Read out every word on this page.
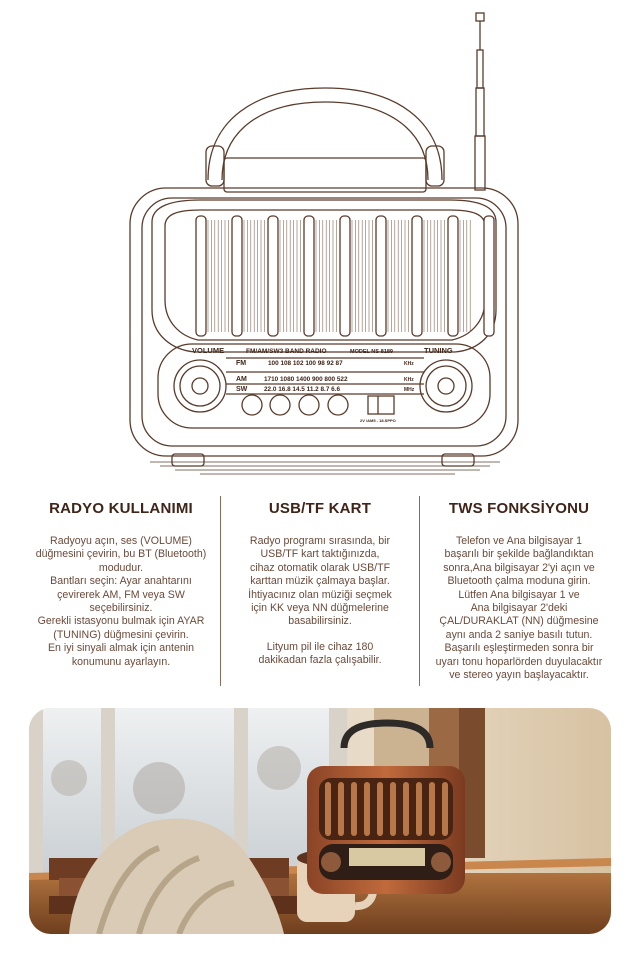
VOLUME	FM/AM/SW3 BAND RADIO	MODEL NS-8189	TUNING
FM	100 108 102 100 98 92 87	KHz
AM	1710 1080 1400 900 800 522	KHz
SW	22.0 16.8 14.5 11.2 8.7 6.6	MHz
2V /AM5 - 18.SPPO
RADYO KULLANIMI

Radyoyu açın, ses (VOLUME)
düğmesini çevirin, bu BT (Bluetooth)
modudur.
Bantları seçin: Ayar anahtarını
çevirerek AM, FM veya SW
seçebilirsiniz.
Gerekli istasyonu bulmak için AYAR
(TUNING) düğmesini çevirin.
En iyi sinyali almak için antenin
konumunu ayarlayın.

USB/TF KART

Radyo programı sırasında, bir
USB/TF kart taktığınızda,
cihaz otomatik olarak USB/TF
karttan müzik çalmaya başlar.
İhtiyacınız olan müziği seçmek
için KK veya NN düğmelerine
basabilirsiniz.

Lityum pil ile cihaz 180
dakikadan fazla çalışabilir.

TWS FONKSİYONU

Telefon ve Ana bilgisayar 1
başarılı bir şekilde bağlandıktan
sonra,Ana bilgisayar 2'yi açın ve
Bluetooth çalma moduna girin.
Lütfen Ana bilgisayar 1 ve
Ana bilgisayar 2'deki
ÇAL/DURAKLAT (NN) düğmesine
aynı anda 2 saniye basılı tutun.
Başarılı eşleştirmeden sonra bir
uyarı tonu hoparlörden duyulacaktır
ve stereo yayın başlayacaktır.
